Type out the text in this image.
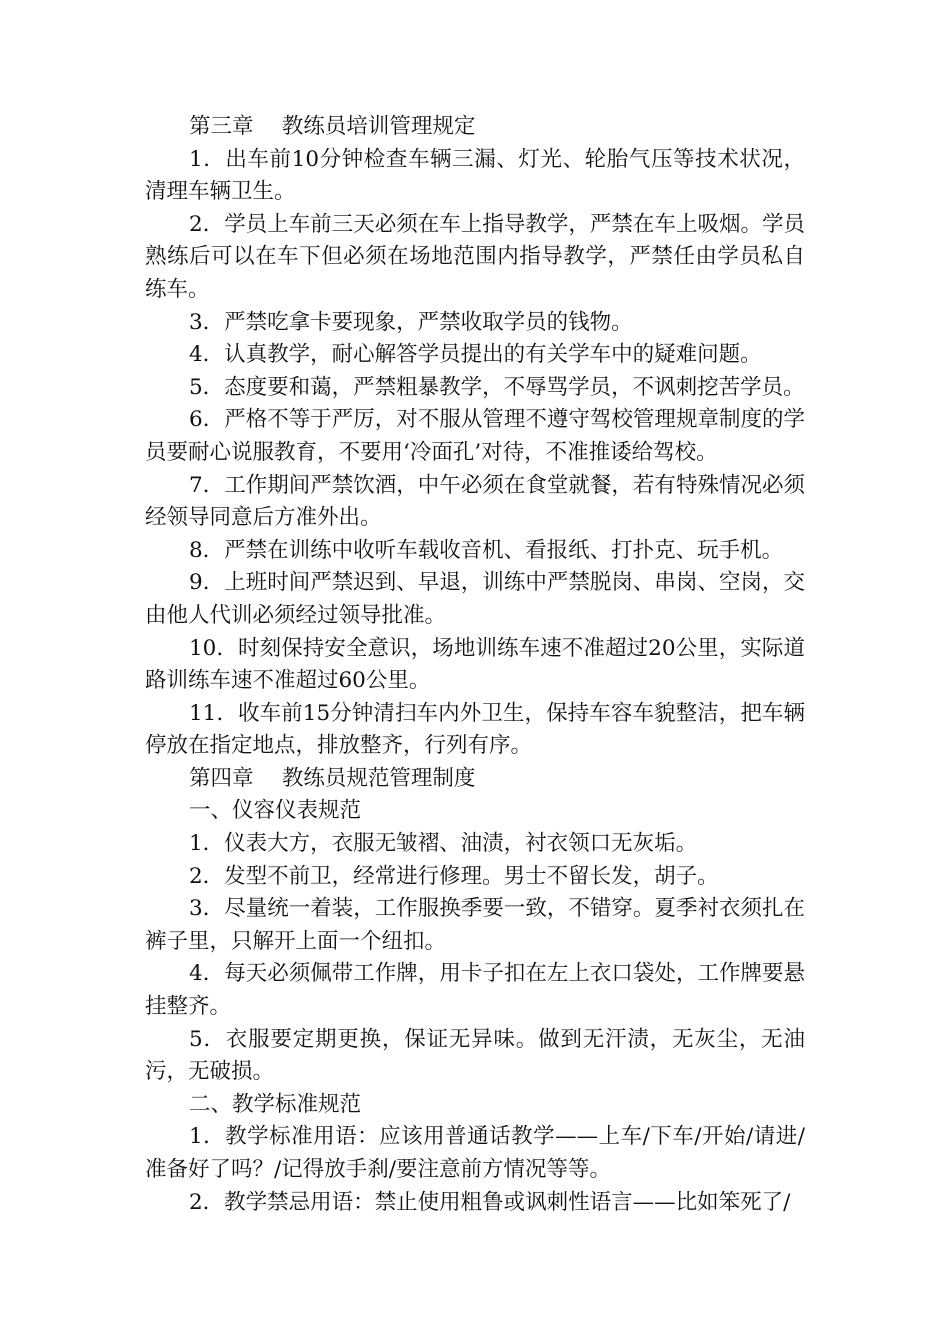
第三章　 教练员培训管理规定

1．出车前10分钟检查车辆三漏、灯光、轮胎气压等技术状况，清理车辆卫生。

2．学员上车前三天必须在车上指导教学，严禁在车上吸烟。学员熟练后可以在车下但必须在场地范围内指导教学，严禁任由学员私自练车。

3．严禁吃拿卡要现象，严禁收取学员的钱物。

4．认真教学，耐心解答学员提出的有关学车中的疑难问题。

5．态度要和蔼，严禁粗暴教学，不辱骂学员，不讽刺挖苦学员。

6．严格不等于严厉，对不服从管理不遵守驾校管理规章制度的学员要耐心说服教育，不要用‘冷面孔’对待，不准推诿给驾校。

7．工作期间严禁饮酒，中午必须在食堂就餐，若有特殊情况必须经领导同意后方准外出。

8．严禁在训练中收听车载收音机、看报纸、打扑克、玩手机。

9．上班时间严禁迟到、早退，训练中严禁脱岗、串岗、空岗，交由他人代训必须经过领导批准。

10．时刻保持安全意识，场地训练车速不准超过20公里，实际道路训练车速不准超过60公里。

11．收车前15分钟清扫车内外卫生，保持车容车貌整洁，把车辆停放在指定地点，排放整齐，行列有序。

第四章　 教练员规范管理制度

一、仪容仪表规范

1．仪表大方，衣服无皱褶、油渍，衬衣领口无灰垢。

2．发型不前卫，经常进行修理。男士不留长发，胡子。

3．尽量统一着装，工作服换季要一致，不错穿。夏季衬衣须扎在裤子里，只解开上面一个纽扣。

4．每天必须佩带工作牌，用卡子扣在左上衣口袋处，工作牌要悬挂整齐。

5．衣服要定期更换，保证无异味。做到无汗渍，无灰尘，无油污，无破损。

二、教学标准规范

1．教学标准用语：应该用普通话教学——上车/下车/开始/请进/准备好了吗？/记得放手刹/要注意前方情况等等。

2．教学禁忌用语：禁止使用粗鲁或讽刺性语言——比如笨死了/
